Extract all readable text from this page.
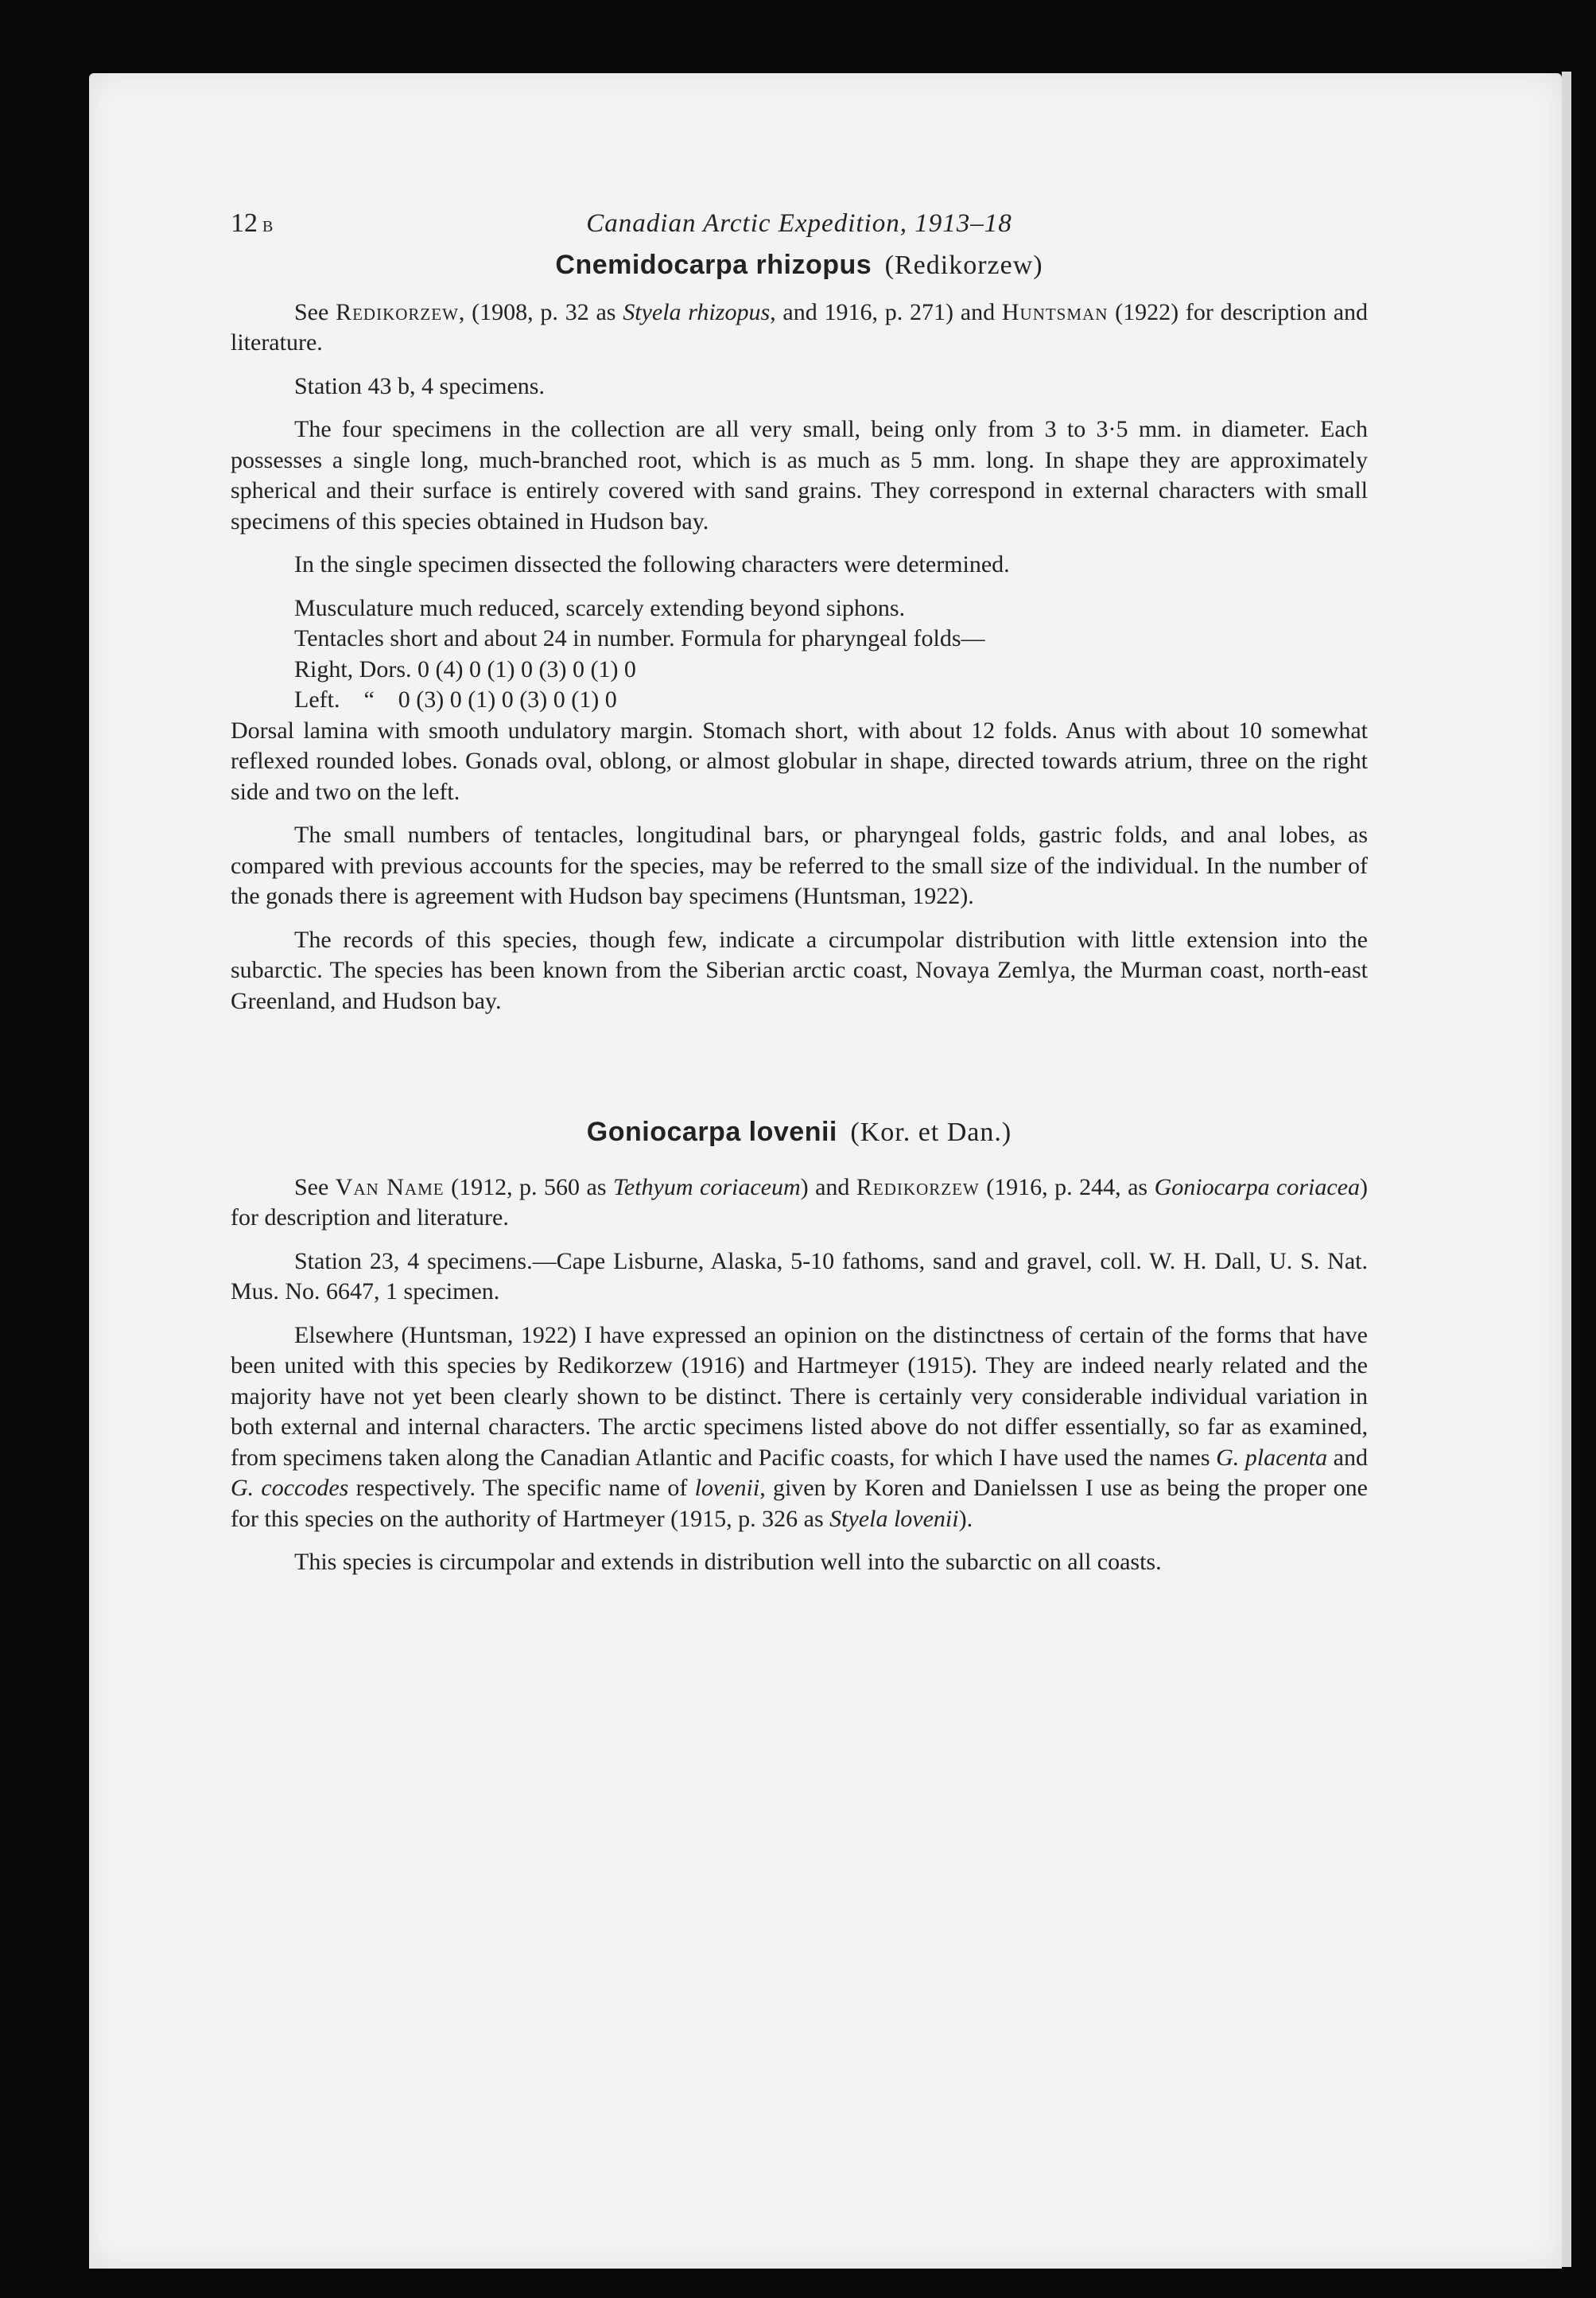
12 B	Canadian Arctic Expedition, 1913–18
Cnemidocarpa rhizopus (Redikorzew)

See Redikorzew, (1908, p. 32 as Styela rhizopus, and 1916, p. 271) and Huntsman (1922) for description and literature.

Station 43 b, 4 specimens.

The four specimens in the collection are all very small, being only from 3 to 3·5 mm. in diameter. Each possesses a single long, much-branched root, which is as much as 5 mm. long. In shape they are approximately spherical and their surface is entirely covered with sand grains. They correspond in external characters with small specimens of this species obtained in Hudson bay.

In the single specimen dissected the following characters were determined.

Musculature much reduced, scarcely extending beyond siphons.

Tentacles short and about 24 in number. Formula for pharyngeal folds—

Right, Dors. 0 (4) 0 (1) 0 (3) 0 (1) 0
Left.    “    0 (3) 0 (1) 0 (3) 0 (1) 0

Dorsal lamina with smooth undulatory margin. Stomach short, with about 12 folds. Anus with about 10 somewhat reflexed rounded lobes. Gonads oval, oblong, or almost globular in shape, directed towards atrium, three on the right side and two on the left.

The small numbers of tentacles, longitudinal bars, or pharyngeal folds, gastric folds, and anal lobes, as compared with previous accounts for the species, may be referred to the small size of the individual. In the number of the gonads there is agreement with Hudson bay specimens (Huntsman, 1922).

The records of this species, though few, indicate a circumpolar distribution with little extension into the subarctic. The species has been known from the Siberian arctic coast, Novaya Zemlya, the Murman coast, north-east Greenland, and Hudson bay.

Goniocarpa lovenii (Kor. et Dan.)

See Van Name (1912, p. 560 as Tethyum coriaceum) and Redikorzew (1916, p. 244, as Goniocarpa coriacea) for description and literature.

Station 23, 4 specimens.—Cape Lisburne, Alaska, 5-10 fathoms, sand and gravel, coll. W. H. Dall, U. S. Nat. Mus. No. 6647, 1 specimen.

Elsewhere (Huntsman, 1922) I have expressed an opinion on the distinctness of certain of the forms that have been united with this species by Redikorzew (1916) and Hartmeyer (1915). They are indeed nearly related and the majority have not yet been clearly shown to be distinct. There is certainly very considerable individual variation in both external and internal characters. The arctic specimens listed above do not differ essentially, so far as examined, from specimens taken along the Canadian Atlantic and Pacific coasts, for which I have used the names G. placenta and G. coccodes respectively. The specific name of lovenii, given by Koren and Danielssen I use as being the proper one for this species on the authority of Hartmeyer (1915, p. 326 as Styela lovenii).

This species is circumpolar and extends in distribution well into the subarctic on all coasts.
